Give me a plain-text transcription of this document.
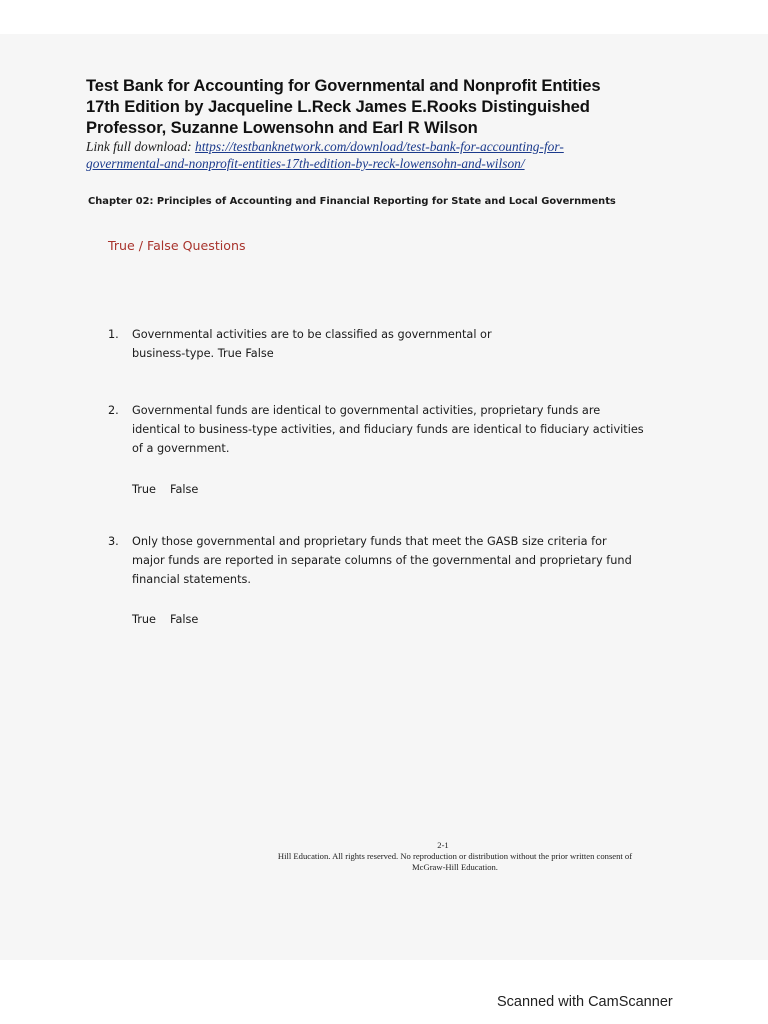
Test Bank for Accounting for Governmental and Nonprofit Entities
17th Edition by Jacqueline L.Reck James E.Rooks Distinguished
Professor, Suzanne Lowensohn and Earl R Wilson
Link full download: https://testbanknetwork.com/download/test-bank-for-accounting-for-
governmental-and-nonprofit-entities-17th-edition-by-reck-lowensohn-and-wilson/
Chapter 02: Principles of Accounting and Financial Reporting for State and Local Governments
True / False Questions
1. Governmental activities are to be classified as governmental or
business-type. True False
2. Governmental funds are identical to governmental activities, proprietary funds are
identical to business-type activities, and fiduciary funds are identical to fiduciary activities
of a government.
True False
3. Only those governmental and proprietary funds that meet the GASB size criteria for
major funds are reported in separate columns of the governmental and proprietary fund
financial statements.
True False
2-1
Hill Education. All rights reserved. No reproduction or distribution without the prior written consent of
McGraw-Hill Education.
Scanned with CamScanner
